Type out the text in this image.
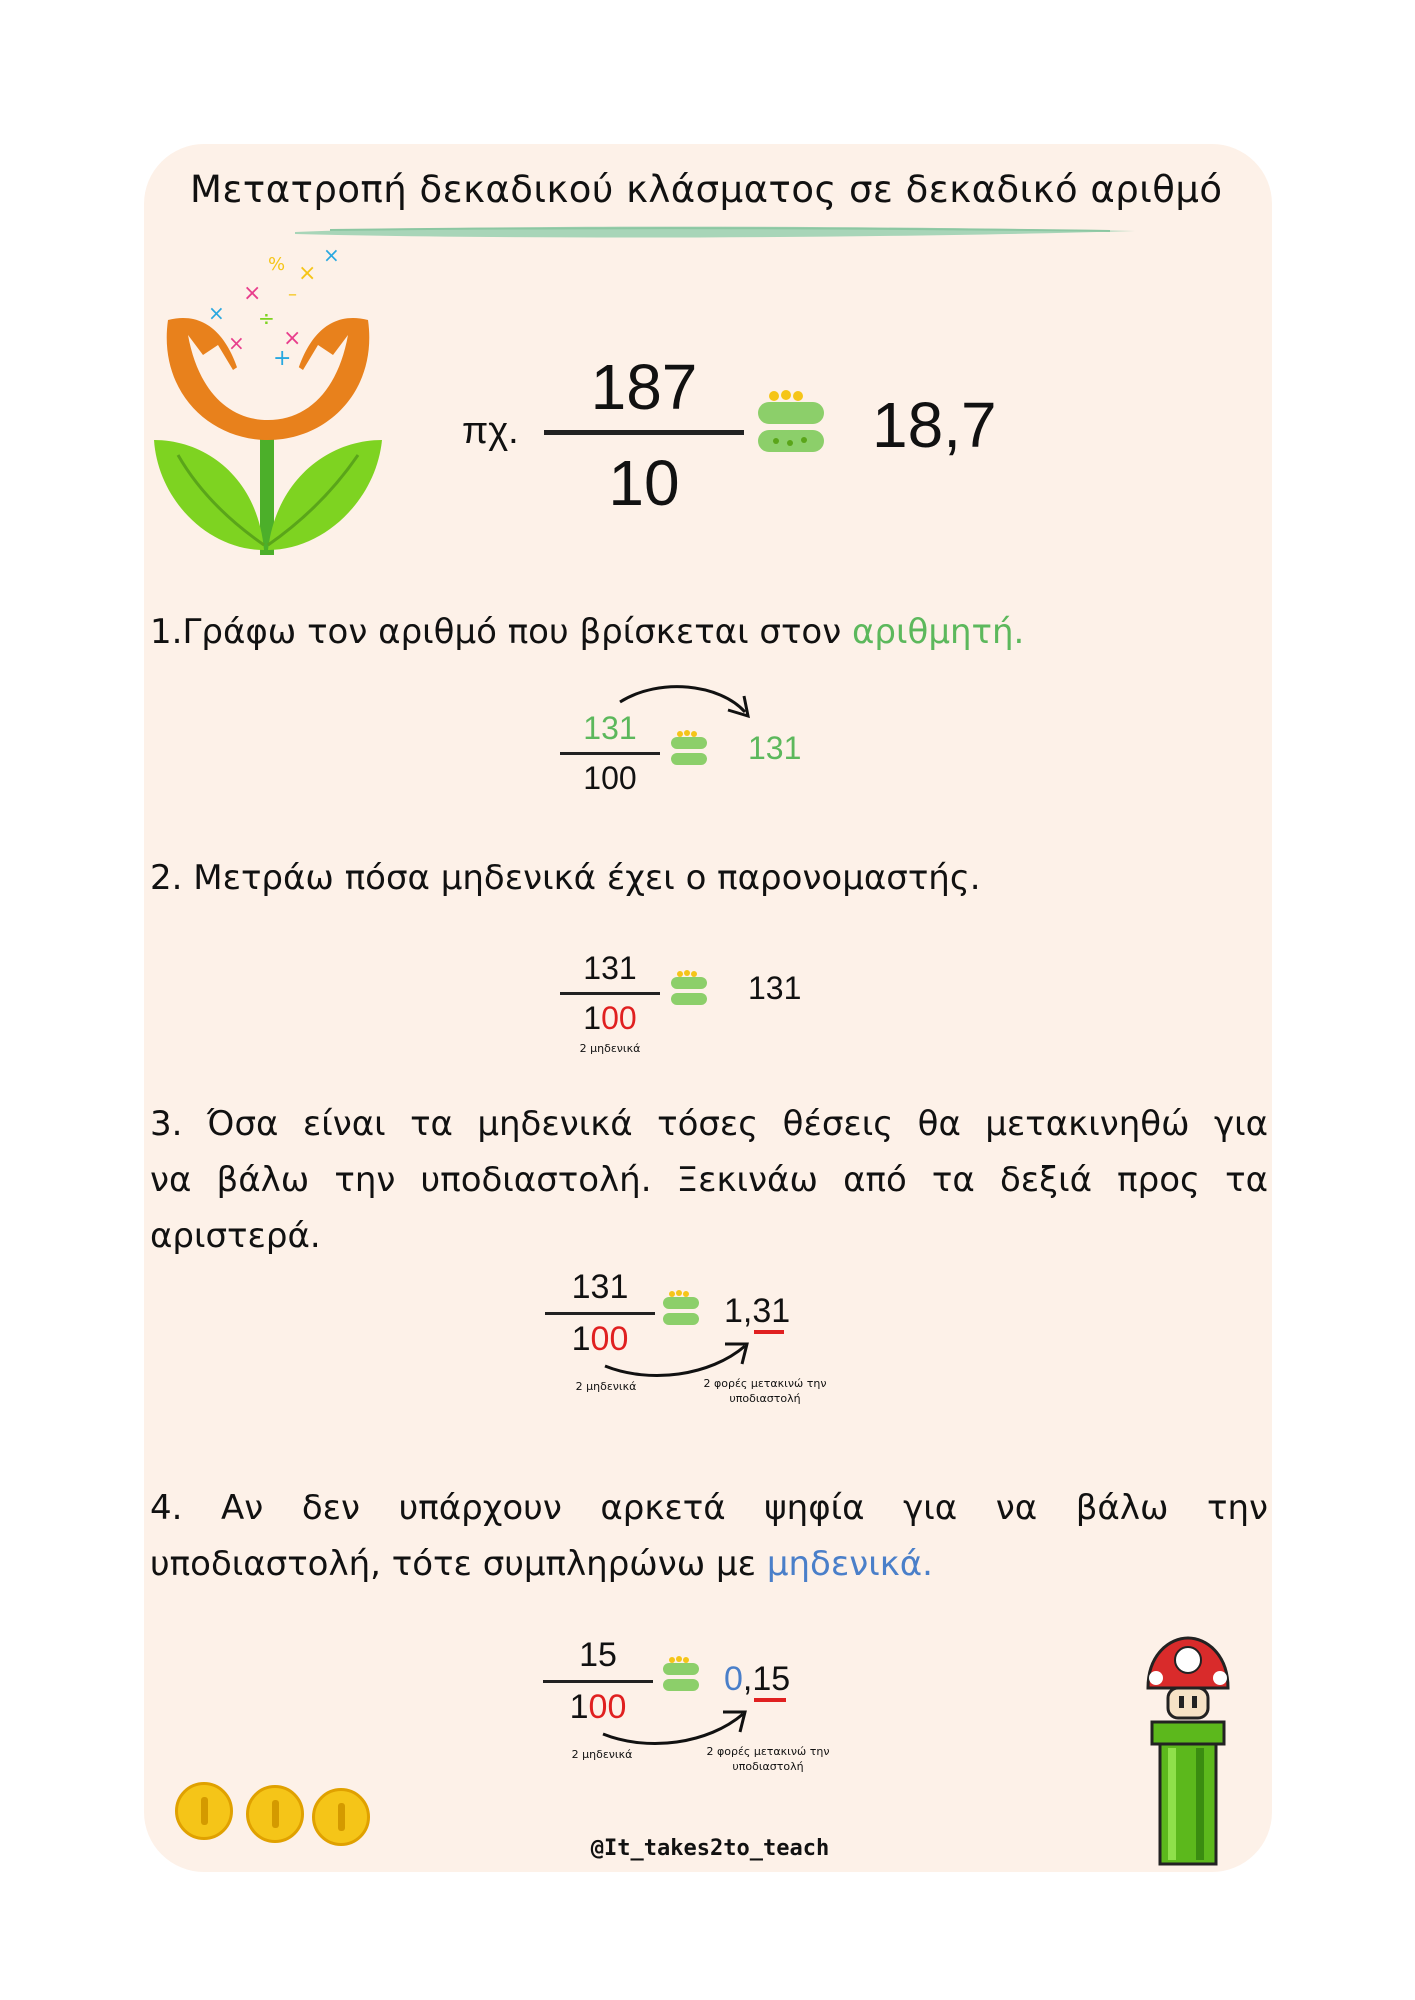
Μετατροπή δεκαδικού κλάσματος σε δεκαδικό αριθμό
×
× ÷
–
×
×
% ×
×
+
πχ.
187
10
18,7
1.Γράφω τον αριθμό που βρίσκεται στον αριθμητή.
131
100
131
2. Μετράω πόσα μηδενικά έχει ο παρονομαστής.
131
100
2 μηδενικά
131
3. Όσα είναι τα μηδενικά τόσες θέσεις θα μετακινηθώ για
να βάλω την υποδιαστολή. Ξεκινάω από τα δεξιά προς τα
αριστερά.
131
100
1,31
2 μηδενικά	2 φορές μετακινώ την
υποδιαστολή
4. Αν δεν υπάρχουν αρκετά ψηφία για να βάλω την
υποδιαστολή, τότε συμπληρώνω με μηδενικά.
15
100
0,15
2 μηδενικά	2 φορές μετακινώ την
υποδιαστολή
@It_takes2to_teach
